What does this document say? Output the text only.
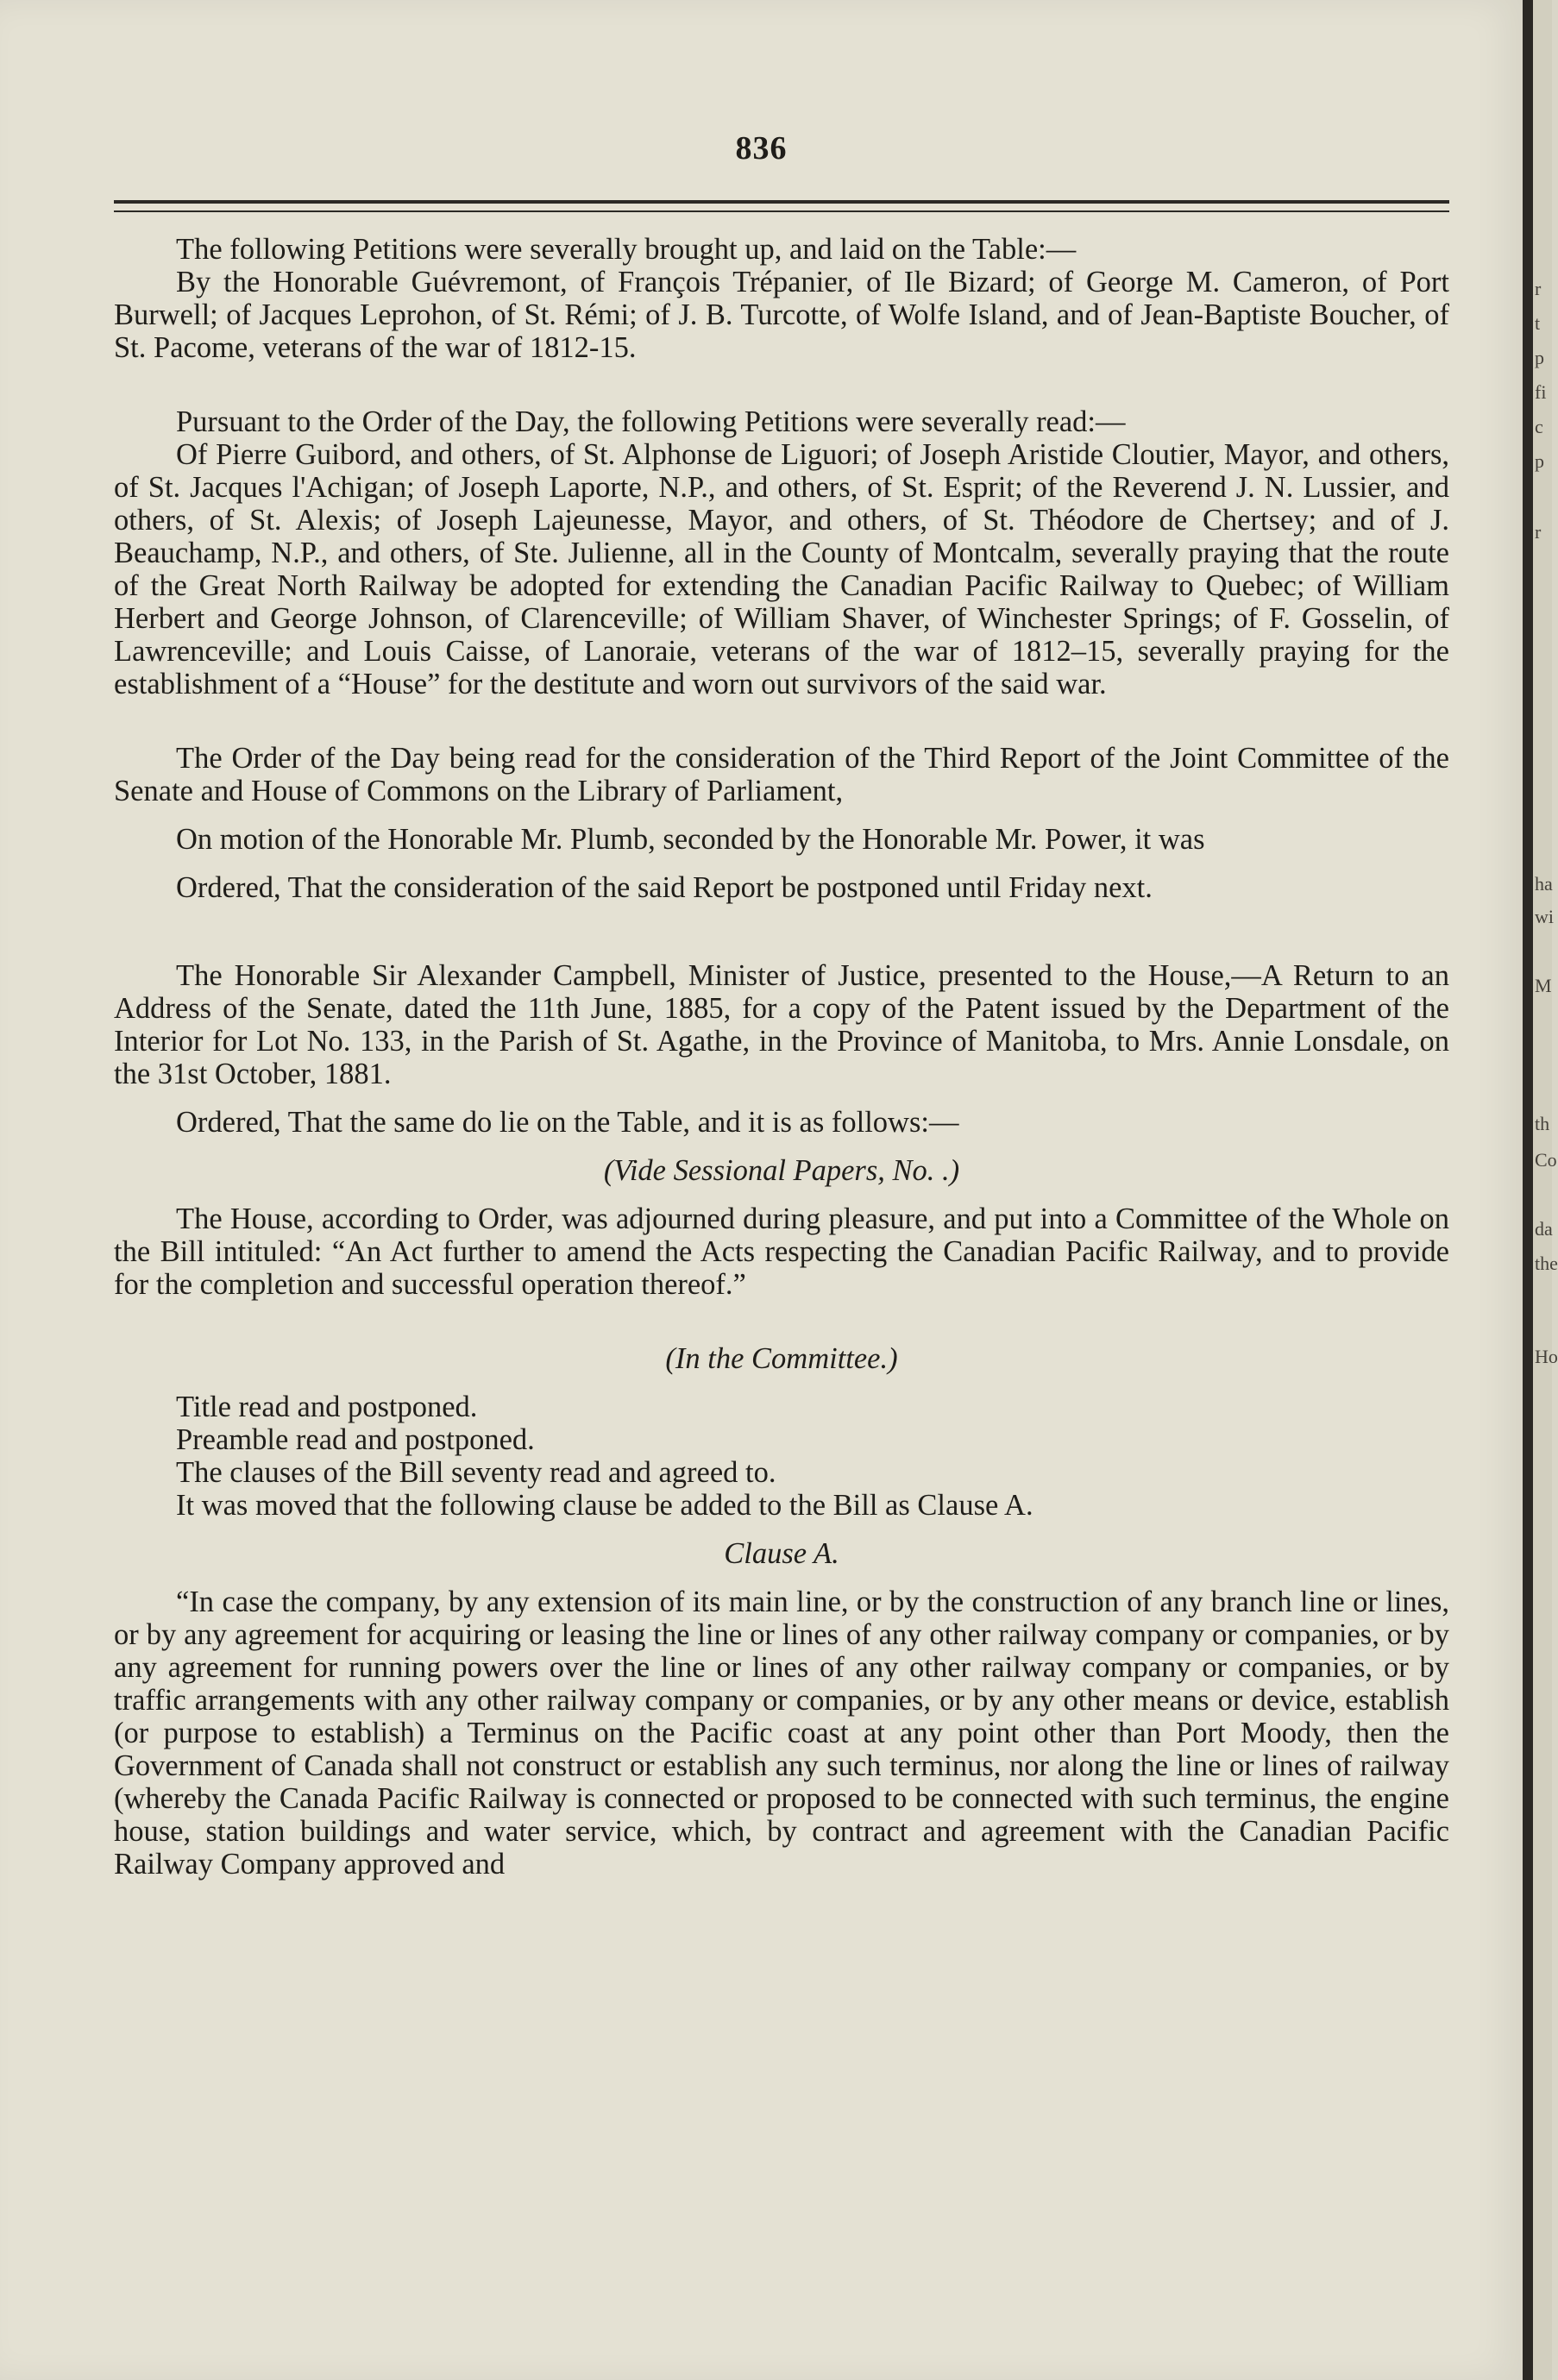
836

The following Petitions were severally brought up, and laid on the Table:—

By the Honorable Guévremont, of François Trépanier, of Ile Bizard; of George M. Cameron, of Port Burwell; of Jacques Leprohon, of St. Rémi; of J. B. Turcotte, of Wolfe Island, and of Jean-Baptiste Boucher, of St. Pacome, veterans of the war of 1812-15.

Pursuant to the Order of the Day, the following Petitions were severally read:—

Of Pierre Guibord, and others, of St. Alphonse de Liguori; of Joseph Aristide Cloutier, Mayor, and others, of St. Jacques l'Achigan; of Joseph Laporte, N.P., and others, of St. Esprit; of the Reverend J. N. Lussier, and others, of St. Alexis; of Joseph Lajeunesse, Mayor, and others, of St. Théodore de Chertsey; and of J. Beauchamp, N.P., and others, of Ste. Julienne, all in the County of Montcalm, severally praying that the route of the Great North Railway be adopted for extending the Canadian Pacific Railway to Quebec; of William Herbert and George Johnson, of Clarenceville; of William Shaver, of Winchester Springs; of F. Gosselin, of Lawrenceville; and Louis Caisse, of Lanoraie, veterans of the war of 1812–15, severally praying for the establishment of a “House” for the destitute and worn out survivors of the said war.

The Order of the Day being read for the consideration of the Third Report of the Joint Committee of the Senate and House of Commons on the Library of Parliament,

On motion of the Honorable Mr. Plumb, seconded by the Honorable Mr. Power, it was

Ordered, That the consideration of the said Report be postponed until Friday next.

The Honorable Sir Alexander Campbell, Minister of Justice, presented to the House,—A Return to an Address of the Senate, dated the 11th June, 1885, for a copy of the Patent issued by the Department of the Interior for Lot No. 133, in the Parish of St. Agathe, in the Province of Manitoba, to Mrs. Annie Lonsdale, on the 31st October, 1881.

Ordered, That the same do lie on the Table, and it is as follows:—

(Vide Sessional Papers, No. .)

The House, according to Order, was adjourned during pleasure, and put into a Committee of the Whole on the Bill intituled: “An Act further to amend the Acts respecting the Canadian Pacific Railway, and to provide for the completion and successful operation thereof.”

(In the Committee.)

Title read and postponed.

Preamble read and postponed.

The clauses of the Bill seventy read and agreed to.

It was moved that the following clause be added to the Bill as Clause A.

Clause A.

“In case the company, by any extension of its main line, or by the construction of any branch line or lines, or by any agreement for acquiring or leasing the line or lines of any other railway company or companies, or by any agreement for running powers over the line or lines of any other railway company or companies, or by traffic arrangements with any other railway company or companies, or by any other means or device, establish (or purpose to establish) a Terminus on the Pacific coast at any point other than Port Moody, then the Government of Canada shall not construct or establish any such terminus, nor along the line or lines of railway (whereby the Canada Pacific Railway is connected or proposed to be connected with such terminus, the engine house, station buildings and water service, which, by contract and agreement with the Canadian Pacific Railway Company approved and

r
t
p
fi
c
p
r
ha
wi
M
th
Co
da
the
Ho
